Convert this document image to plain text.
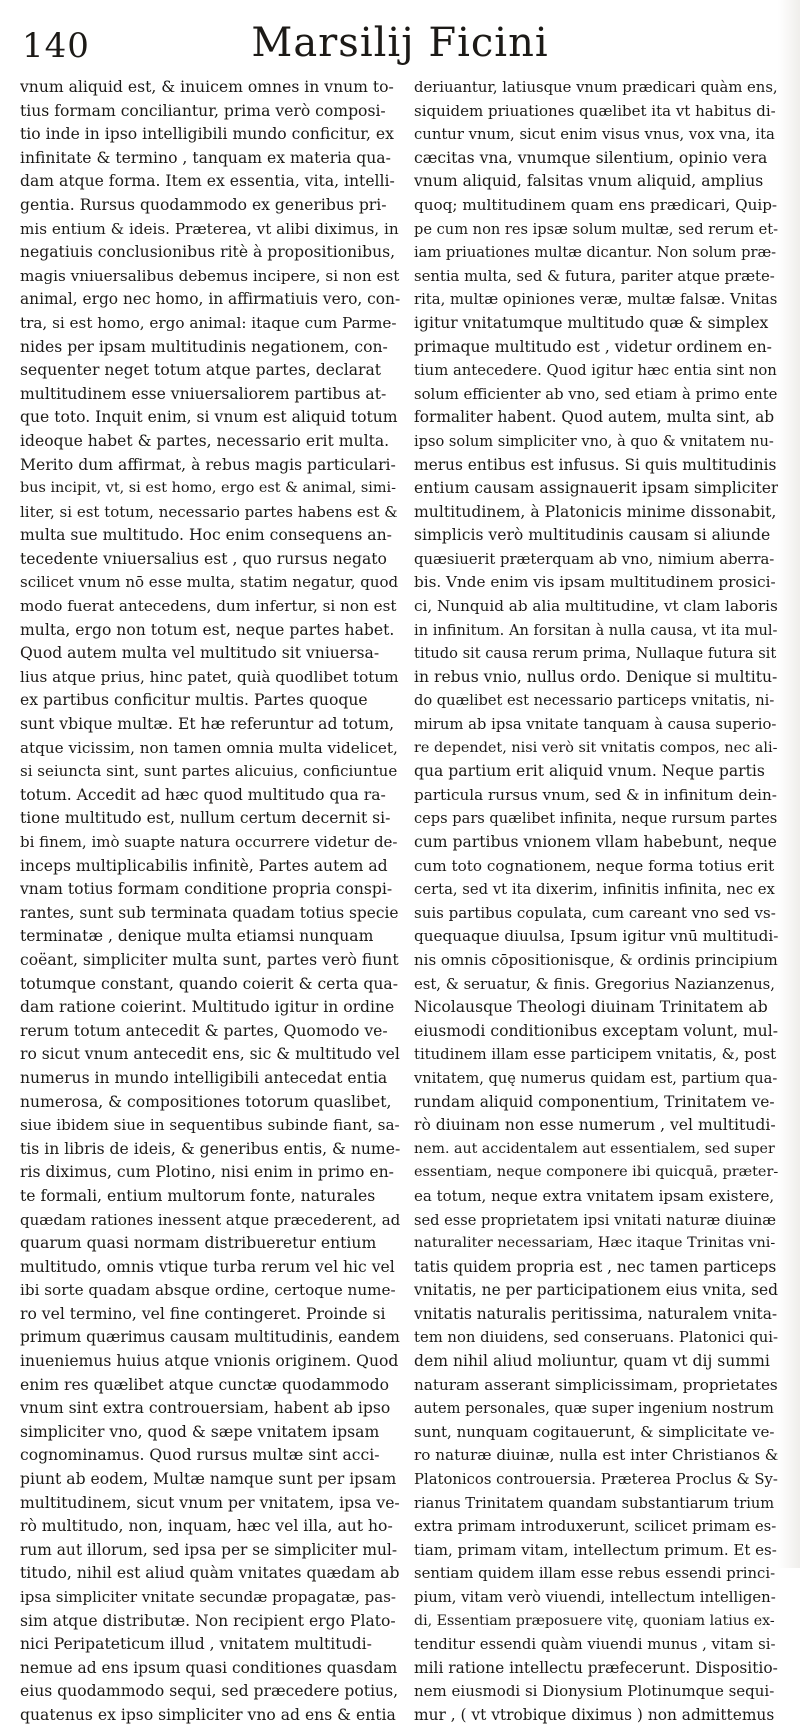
140	Marsilij Ficini
vnum aliquid est, & inuicem omnes in vnum to-
tius formam conciliantur, prima verò composi-
tio inde in ipso intelligibili mundo conficitur, ex
infinitate & termino , tanquam ex materia qua-
dam atque forma. Item ex essentia, vita, intelli-
gentia. Rursus quodammodo ex generibus pri-
mis entium & ideis. Præterea, vt alibi diximus, in
negatiuis conclusionibus ritè à propositionibus,
magis vniuersalibus debemus incipere, si non est
animal, ergo nec homo, in affirmatiuis vero, con-
tra, si est homo, ergo animal: itaque cum Parme-
nides per ipsam multitudinis negationem, con-
sequenter neget totum atque partes, declarat
multitudinem esse vniuersaliorem partibus at-
que toto. Inquit enim, si vnum est aliquid totum
ideoque habet & partes, necessario erit multa.
Merito dum affirmat, à rebus magis particulari-
bus incipit, vt, si est homo, ergo est & animal, simi-
liter, si est totum, necessario partes habens est &
multa sue multitudo. Hoc enim consequens an-
tecedente vniuersalius est , quo rursus negato
scilicet vnum nō esse multa, statim negatur, quod
modo fuerat antecedens, dum infertur, si non est
multa, ergo non totum est, neque partes habet.
Quod autem multa vel multitudo sit vniuersa-
lius atque prius, hinc patet, quià quodlibet totum
ex partibus conficitur multis. Partes quoque
sunt vbique multæ. Et hæ referuntur ad totum,
atque vicissim, non tamen omnia multa videlicet,
si seiuncta sint, sunt partes alicuius, conficiuntue
totum. Accedit ad hæc quod multitudo qua ra-
tione multitudo est, nullum certum decernit si-
bi finem, imò suapte natura occurrere videtur de-
inceps multiplicabilis infinitè, Partes autem ad
vnam totius formam conditione propria conspi-
rantes, sunt sub terminata quadam totius specie
terminatæ , denique multa etiamsi nunquam
coëant, simpliciter multa sunt, partes verò fiunt
totumque constant, quando coierit & certa qua-
dam ratione coierint. Multitudo igitur in ordine
rerum totum antecedit & partes, Quomodo ve-
ro sicut vnum antecedit ens, sic & multitudo vel
numerus in mundo intelligibili antecedat entia
numerosa, & compositiones totorum quaslibet,
siue ibidem siue in sequentibus subinde fiant, sa-
tis in libris de ideis, & generibus entis, & nume-
ris diximus, cum Plotino, nisi enim in primo en-
te formali, entium multorum fonte, naturales
quædam rationes inessent atque præcederent, ad
quarum quasi normam distribueretur entium
multitudo, omnis vtique turba rerum vel hic vel
ibi sorte quadam absque ordine, certoque nume-
ro vel termino, vel fine contingeret. Proinde si
primum quærimus causam multitudinis, eandem
inueniemus huius atque vnionis originem. Quod
enim res quælibet atque cunctæ quodammodo
vnum sint extra controuersiam, habent ab ipso
simpliciter vno, quod & sæpe vnitatem ipsam
cognominamus. Quod rursus multæ sint acci-
piunt ab eodem, Multæ namque sunt per ipsam
multitudinem, sicut vnum per vnitatem, ipsa ve-
rò multitudo, non, inquam, hæc vel illa, aut ho-
rum aut illorum, sed ipsa per se simpliciter mul-
titudo, nihil est aliud quàm vnitates quædam ab
ipsa simpliciter vnitate secundæ propagatæ, pas-
sim atque distributæ. Non recipient ergo Plato-
nici Peripateticum illud , vnitatem multitudi-
nemue ad ens ipsum quasi conditiones quasdam
eius quodammodo sequi, sed præcedere potius,
quatenus ex ipso simpliciter vno ad ens & entia
deriuantur, latiusque vnum prædicari quàm ens,
siquidem priuationes quælibet ita vt habitus di-
cuntur vnum, sicut enim visus vnus, vox vna, ita
cæcitas vna, vnumque silentium, opinio vera
vnum aliquid, falsitas vnum aliquid, amplius
quoq; multitudinem quam ens prædicari, Quip-
pe cum non res ipsæ solum multæ, sed rerum et-
iam priuationes multæ dicantur. Non solum præ-
sentia multa, sed & futura, pariter atque præte-
rita, multæ opiniones veræ, multæ falsæ. Vnitas
igitur vnitatumque multitudo quæ & simplex
primaque multitudo est , videtur ordinem en-
tium antecedere. Quod igitur hæc entia sint non
solum efficienter ab vno, sed etiam à primo ente
formaliter habent. Quod autem, multa sint, ab
ipso solum simpliciter vno, à quo & vnitatem nu-
merus entibus est infusus. Si quis multitudinis
entium causam assignauerit ipsam simpliciter
multitudinem, à Platonicis minime dissonabit,
simplicis verò multitudinis causam si aliunde
quæsiuerit præterquam ab vno, nimium aberra-
bis. Vnde enim vis ipsam multitudinem prosici-
ci, Nunquid ab alia multitudine, vt clam laboris
in infinitum. An forsitan à nulla causa, vt ita mul-
titudo sit causa rerum prima, Nullaque futura sit
in rebus vnio, nullus ordo. Denique si multitu-
do quælibet est necessario particeps vnitatis, ni-
mirum ab ipsa vnitate tanquam à causa superio-
re dependet, nisi verò sit vnitatis compos, nec ali-
qua partium erit aliquid vnum. Neque partis
particula rursus vnum, sed & in infinitum dein-
ceps pars quælibet infinita, neque rursum partes
cum partibus vnionem vllam habebunt, neque
cum toto cognationem, neque forma totius erit
certa, sed vt ita dixerim, infinitis infinita, nec ex
suis partibus copulata, cum careant vno sed vs-
quequaque diuulsa, Ipsum igitur vnū multitudi-
nis omnis cōpositionisque, & ordinis principium
est, & seruatur, & finis. Gregorius Nazianzenus,
Nicolausque Theologi diuinam Trinitatem ab
eiusmodi conditionibus exceptam volunt, mul-
titudinem illam esse participem vnitatis, &, post
vnitatem, quę numerus quidam est, partium qua-
rundam aliquid componentium, Trinitatem ve-
rò diuinam non esse numerum , vel multitudi-
nem. aut accidentalem aut essentialem, sed super
essentiam, neque componere ibi quicquā, præter-
ea totum, neque extra vnitatem ipsam existere,
sed esse proprietatem ipsi vnitati naturæ diuinæ
naturaliter necessariam, Hæc itaque Trinitas vni-
tatis quidem propria est , nec tamen particeps
vnitatis, ne per participationem eius vnita, sed
vnitatis naturalis peritissima, naturalem vnita-
tem non diuidens, sed conseruans. Platonici qui-
dem nihil aliud moliuntur, quam vt dij summi
naturam asserant simplicissimam, proprietates
autem personales, quæ super ingenium nostrum
sunt, nunquam cogitauerunt, & simplicitate ve-
ro naturæ diuinæ, nulla est inter Christianos &
Platonicos controuersia. Præterea Proclus & Sy-
rianus Trinitatem quandam substantiarum trium
extra primam introduxerunt, scilicet primam es-
tiam, primam vitam, intellectum primum. Et es-
sentiam quidem illam esse rebus essendi princi-
pium, vitam verò viuendi, intellectum intelligen-
di, Essentiam præposuere vitę, quoniam latius ex-
tenditur essendi quàm viuendi munus , vitam si-
mili ratione intellectu præfecerunt. Dispositio-
nem eiusmodi si Dionysium Plotinumque sequi-
mur , ( vt vtrobique diximus ) non admittemus
